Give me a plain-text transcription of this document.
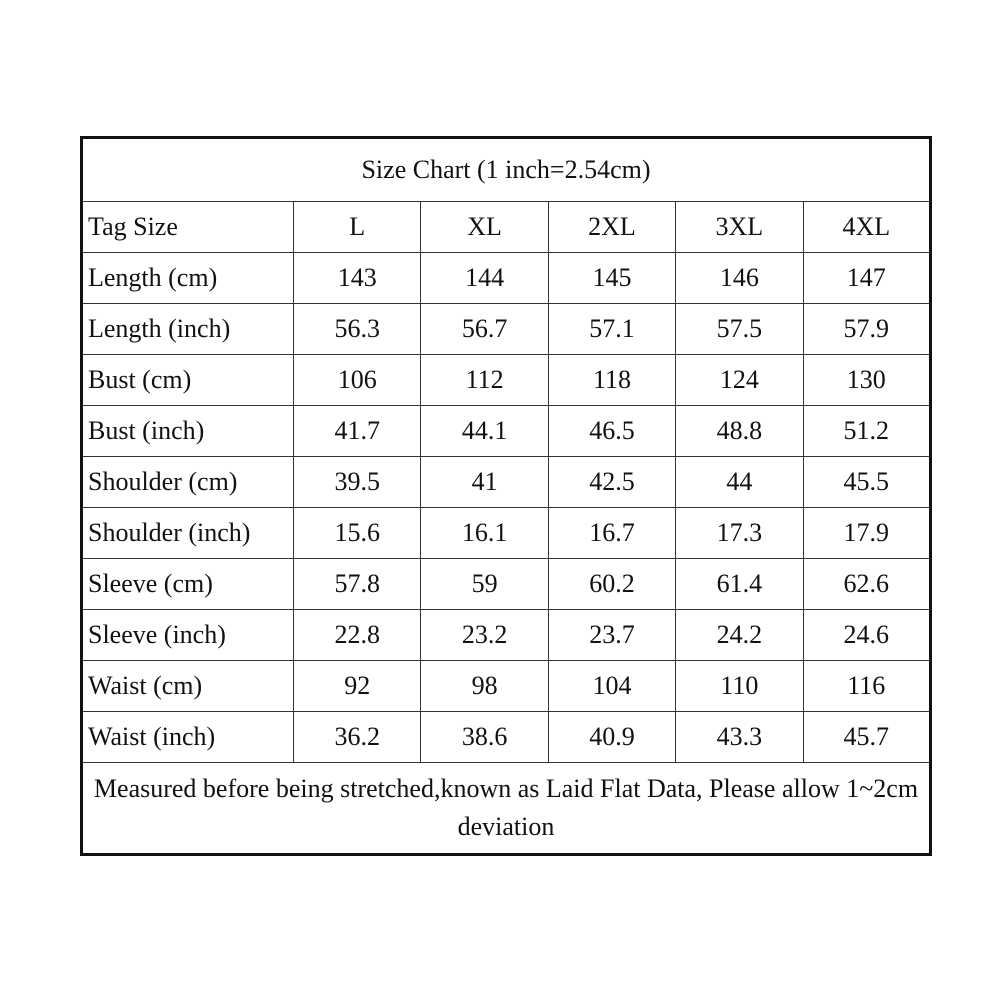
Size Chart (1 inch=2.54cm)					
Tag Size	L	XL	2XL	3XL	4XL
Length (cm)	143	144	145	146	147
Length (inch)	56.3	56.7	57.1	57.5	57.9
Bust (cm)	106	112	118	124	130
Bust (inch)	41.7	44.1	46.5	48.8	51.2
Shoulder (cm)	39.5	41	42.5	44	45.5
Shoulder (inch)	15.6	16.1	16.7	17.3	17.9
Sleeve (cm)	57.8	59	60.2	61.4	62.6
Sleeve (inch)	22.8	23.2	23.7	24.2	24.6
Waist (cm)	92	98	104	110	116
Waist (inch)	36.2	38.6	40.9	43.3	45.7
Measured before being stretched,known as Laid Flat Data, Please allow 1~2cm deviation					
